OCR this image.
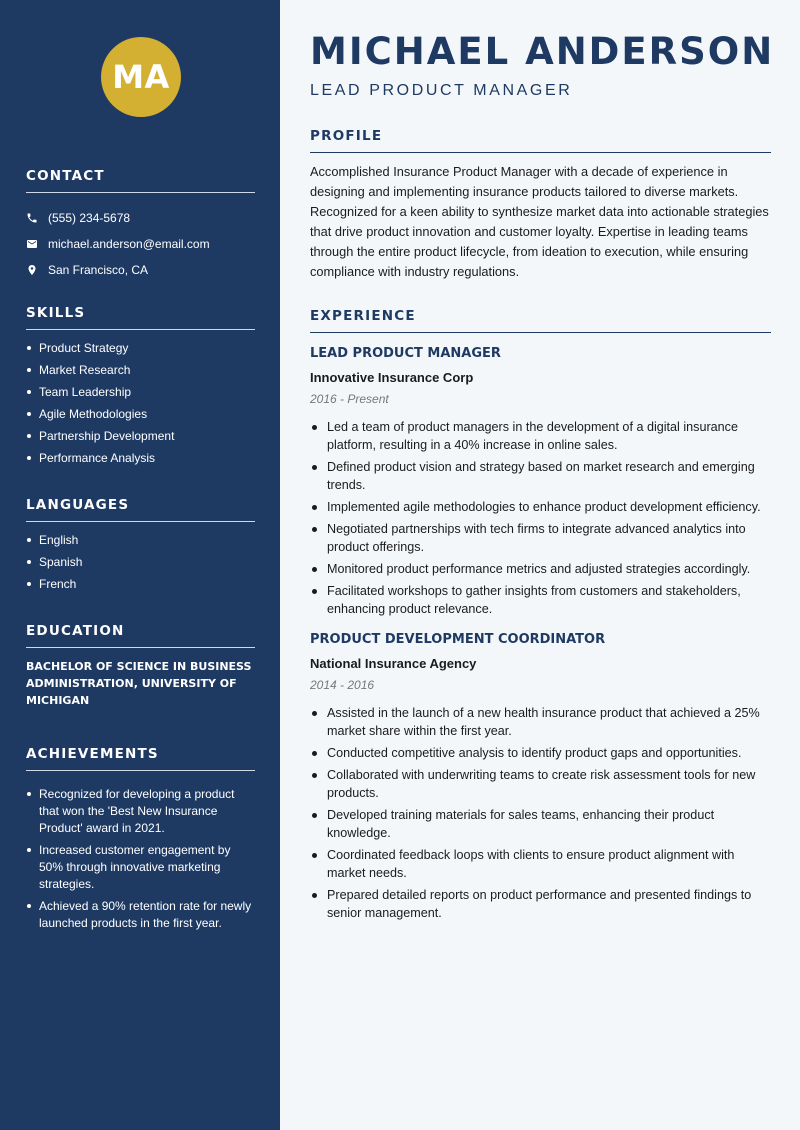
MA
CONTACT
(555) 234-5678
michael.anderson@email.com
San Francisco, CA
SKILLS
Product Strategy
Market Research
Team Leadership
Agile Methodologies
Partnership Development
Performance Analysis
LANGUAGES
English
Spanish
French
EDUCATION
BACHELOR OF SCIENCE IN BUSINESS ADMINISTRATION, UNIVERSITY OF MICHIGAN
ACHIEVEMENTS
Recognized for developing a product that won the 'Best New Insurance Product' award in 2021.
Increased customer engagement by 50% through innovative marketing strategies.
Achieved a 90% retention rate for newly launched products in the first year.
MICHAEL ANDERSON
LEAD PRODUCT MANAGER
PROFILE
Accomplished Insurance Product Manager with a decade of experience in designing and implementing insurance products tailored to diverse markets. Recognized for a keen ability to synthesize market data into actionable strategies that drive product innovation and customer loyalty. Expertise in leading teams through the entire product lifecycle, from ideation to execution, while ensuring compliance with industry regulations.
EXPERIENCE
LEAD PRODUCT MANAGER
Innovative Insurance Corp
2016 - Present
Led a team of product managers in the development of a digital insurance platform, resulting in a 40% increase in online sales.
Defined product vision and strategy based on market research and emerging trends.
Implemented agile methodologies to enhance product development efficiency.
Negotiated partnerships with tech firms to integrate advanced analytics into product offerings.
Monitored product performance metrics and adjusted strategies accordingly.
Facilitated workshops to gather insights from customers and stakeholders, enhancing product relevance.
PRODUCT DEVELOPMENT COORDINATOR
National Insurance Agency
2014 - 2016
Assisted in the launch of a new health insurance product that achieved a 25% market share within the first year.
Conducted competitive analysis to identify product gaps and opportunities.
Collaborated with underwriting teams to create risk assessment tools for new products.
Developed training materials for sales teams, enhancing their product knowledge.
Coordinated feedback loops with clients to ensure product alignment with market needs.
Prepared detailed reports on product performance and presented findings to senior management.
